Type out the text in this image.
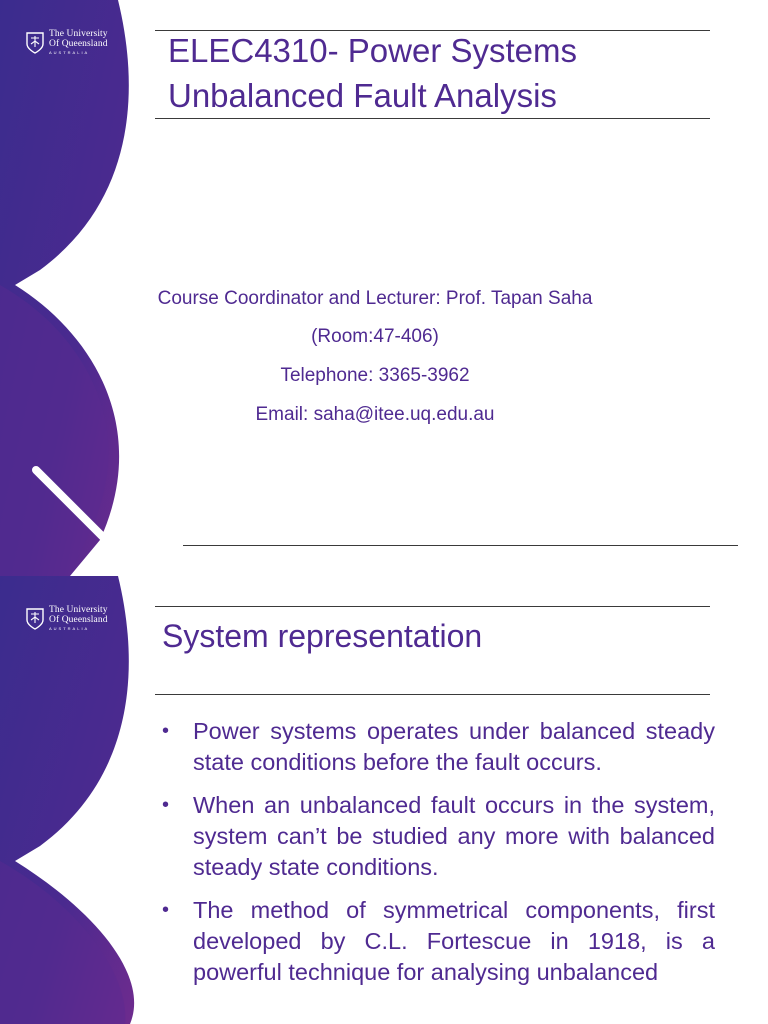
The University
Of Queensland
AUSTRALIA	ELEC4310- Power Systems
Unbalanced Fault Analysis

Course Coordinator and Lecturer: Prof. Tapan Saha

(Room:47-406)

Telephone: 3365-3962

Email: saha@itee.uq.edu.au

The University
Of Queensland
AUSTRALIA	System representation
• Power systems operates under balanced steady state conditions before the fault occurs.
• When an unbalanced fault occurs in the system, system can’t be studied any more with balanced steady state conditions.
• The method of symmetrical components, first developed by C.L. Fortescue in 1918, is a powerful technique for analysing unbalanced
